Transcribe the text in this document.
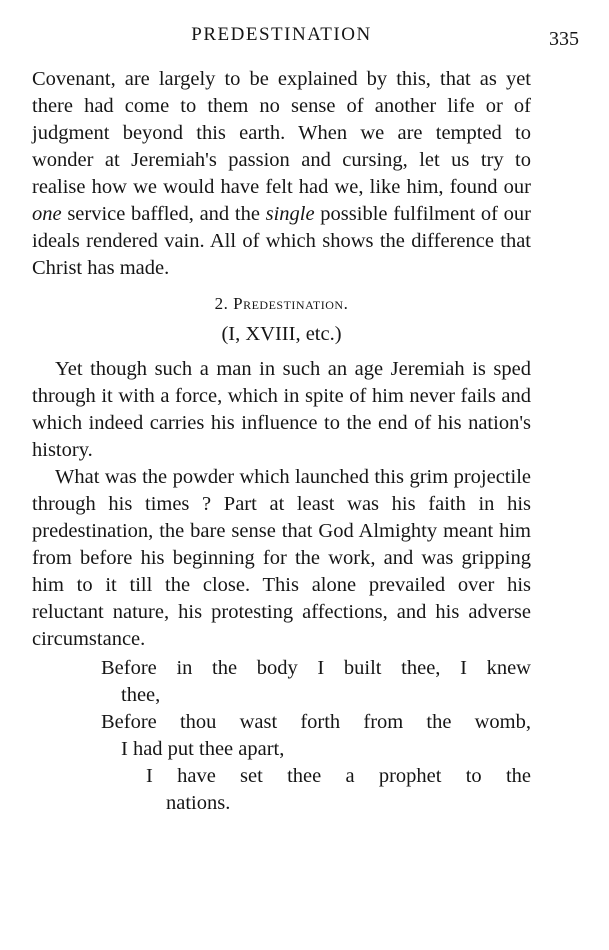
PREDESTINATION	335

Covenant, are largely to be explained by this, that as yet there had come to them no sense of another life or of judgment beyond this earth. When we are tempted to wonder at Jeremiah's passion and cursing, let us try to realise how we would have felt had we, like him, found our one service baffled, and the single possible fulfilment of our ideals rendered vain. All of which shows the difference that Christ has made.

2. Predestination.
(I, XVIII, etc.)

Yet though such a man in such an age Jeremiah is sped through it with a force, which in spite of him never fails and which indeed carries his influence to the end of his nation's history.

What was the powder which launched this grim projectile through his times ? Part at least was his faith in his predestination, the bare sense that God Almighty meant him from before his beginning for the work, and was gripping him to it till the close. This alone prevailed over his reluctant nature, his protesting affections, and his adverse circumstance.

Before in the body I built thee, I knew

thee,

Before thou wast forth from the womb,

I had put thee apart,

I have set thee a prophet to the

nations.
